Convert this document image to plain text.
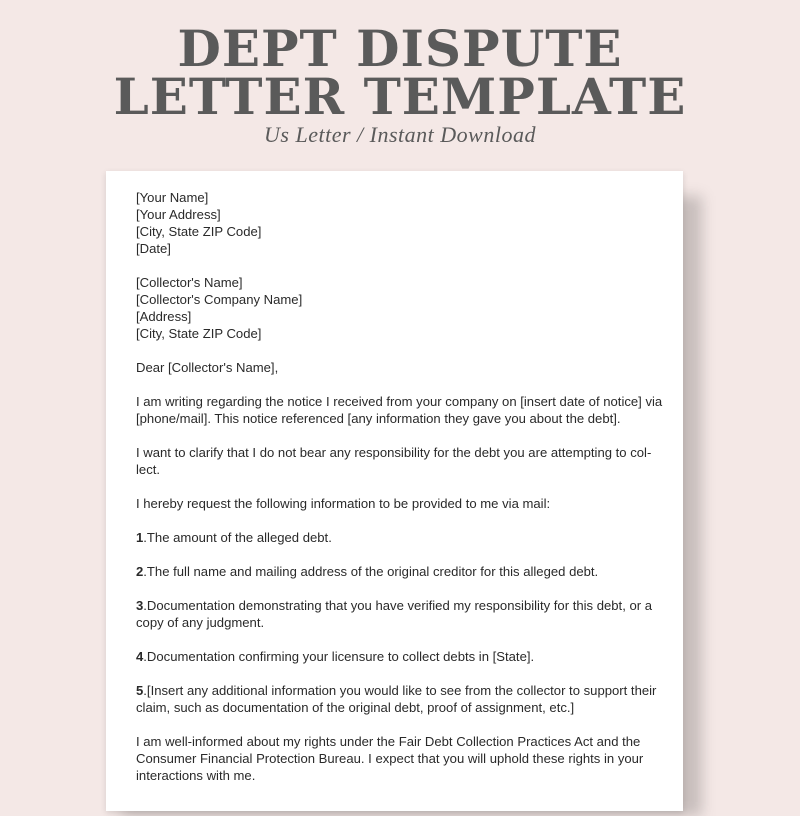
DEPT DISPUTE
LETTER TEMPLATE
Us Letter / Instant Download
[Your Name]
[Your Address]
[City, State ZIP Code]
[Date]
[Collector's Name]
[Collector's Company Name]
[Address]
[City, State ZIP Code]
Dear [Collector's Name],
I am writing regarding the notice I received from your company on [insert date of notice] via
[phone/mail]. This notice referenced [any information they gave you about the debt].
I want to clarify that I do not bear any responsibility for the debt you are attempting to col-
lect.
I hereby request the following information to be provided to me via mail:
1.The amount of the alleged debt.
2.The full name and mailing address of the original creditor for this alleged debt.
3.Documentation demonstrating that you have verified my responsibility for this debt, or a
copy of any judgment.
4.Documentation confirming your licensure to collect debts in [State].
5.[Insert any additional information you would like to see from the collector to support their
claim, such as documentation of the original debt, proof of assignment, etc.]
I am well-informed about my rights under the Fair Debt Collection Practices Act and the
Consumer Financial Protection Bureau. I expect that you will uphold these rights in your
interactions with me.
